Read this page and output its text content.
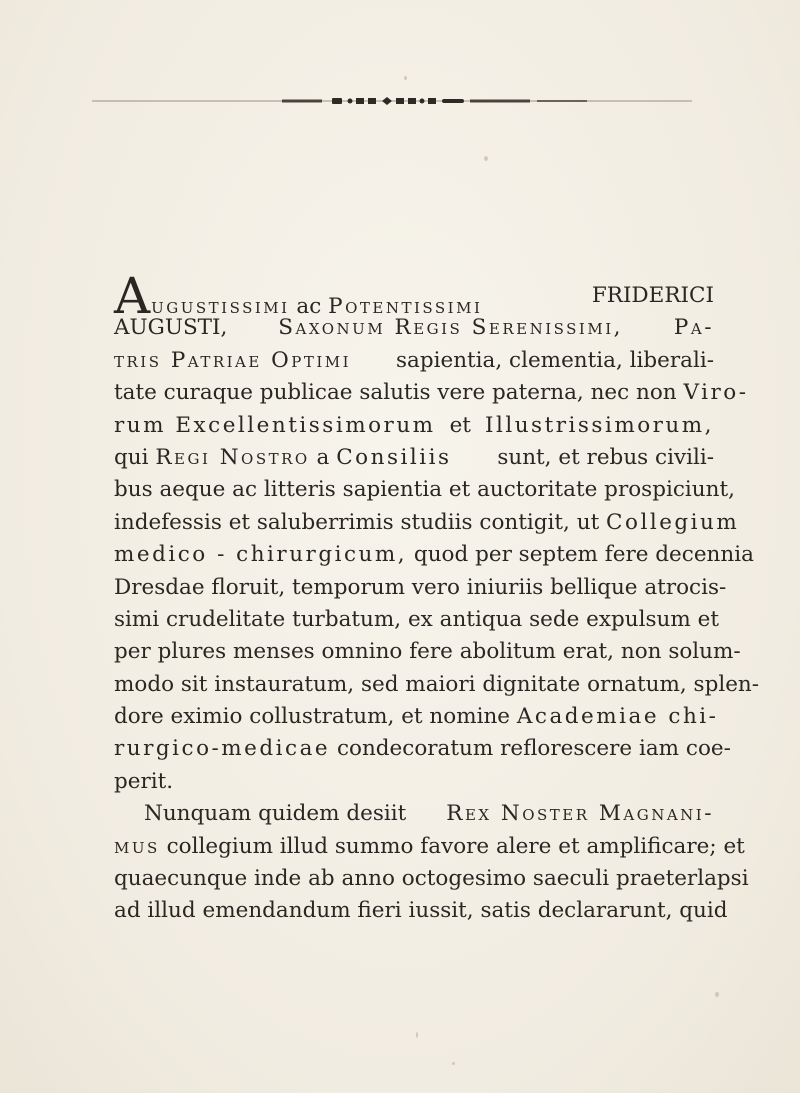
Augustissimi ac Potentissimi	FRIDERICI
AUGUSTI, Saxonum Regis Serenissimi, Pa-
tris Patriae Optimi sapientia, clementia, liberali-
tate curaque publicae salutis vere paterna, nec non Viro-
rum Excellentissimorum et Illustrissimorum,
qui Regi Nostro a Consiliis sunt, et rebus civili-
bus aeque ac litteris sapientia et auctoritate prospiciunt,
indefessis et saluberrimis studiis contigit, ut Collegium
medico - chirurgicum, quod per septem fere decennia
Dresdae floruit, temporum vero iniuriis bellique atrocis-
simi crudelitate turbatum, ex antiqua sede expulsum et
per plures menses omnino fere abolitum erat, non solum-
modo sit instauratum, sed maiori dignitate ornatum, splen-
dore eximio collustratum, et nomine Academiae chi-
rurgico-medicae condecoratum reflorescere iam coe-
perit.
Nunquam quidem desiit Rex Noster Magnani-
mus collegium illud summo favore alere et amplificare; et
quaecunque inde ab anno octogesimo saeculi praeterlapsi
ad illud emendandum fieri iussit, satis declararunt, quid
